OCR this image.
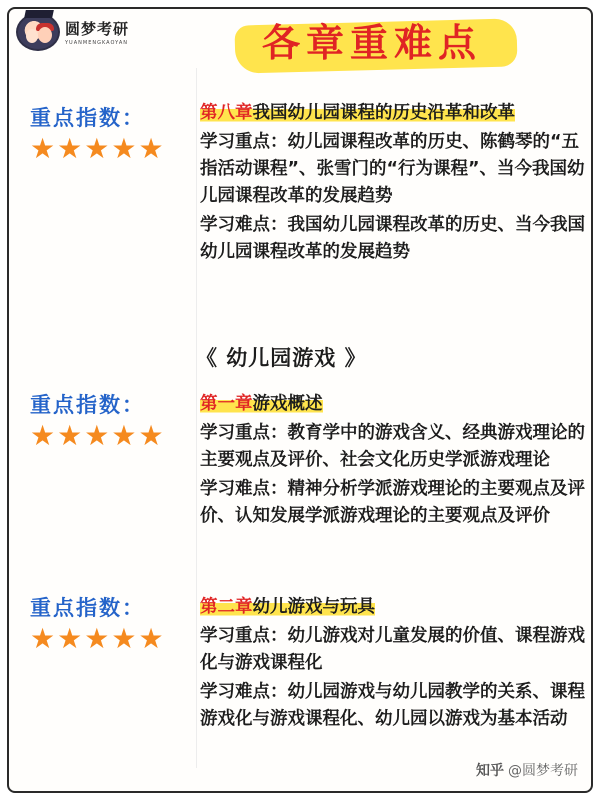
圆梦考研
YUANMENGKAOYAN	各章重难点
重点指数：
★ ★ ★ ★ ★
第八章我国幼儿园课程的历史沿革和改革
学习重点：幼儿园课程改革的历史、陈鹤琴的“五指活动课程”、张雪门的“行为课程”、当今我国幼儿园课程改革的发展趋势
学习难点：我国幼儿园课程改革的历史、当今我国幼儿园课程改革的发展趋势
《 幼儿园游戏 》
重点指数：
★ ★ ★ ★ ★
第一章游戏概述
学习重点：教育学中的游戏含义、经典游戏理论的主要观点及评价、社会文化历史学派游戏理论
学习难点：精神分析学派游戏理论的主要观点及评价、认知发展学派游戏理论的主要观点及评价
重点指数：
★ ★ ★ ★ ★
第二章幼儿游戏与玩具
学习重点：幼儿游戏对儿童发展的价值、课程游戏化与游戏课程化
学习难点：幼儿园游戏与幼儿园教学的关系、课程游戏化与游戏课程化、幼儿园以游戏为基本活动
知乎 @圆梦考研
